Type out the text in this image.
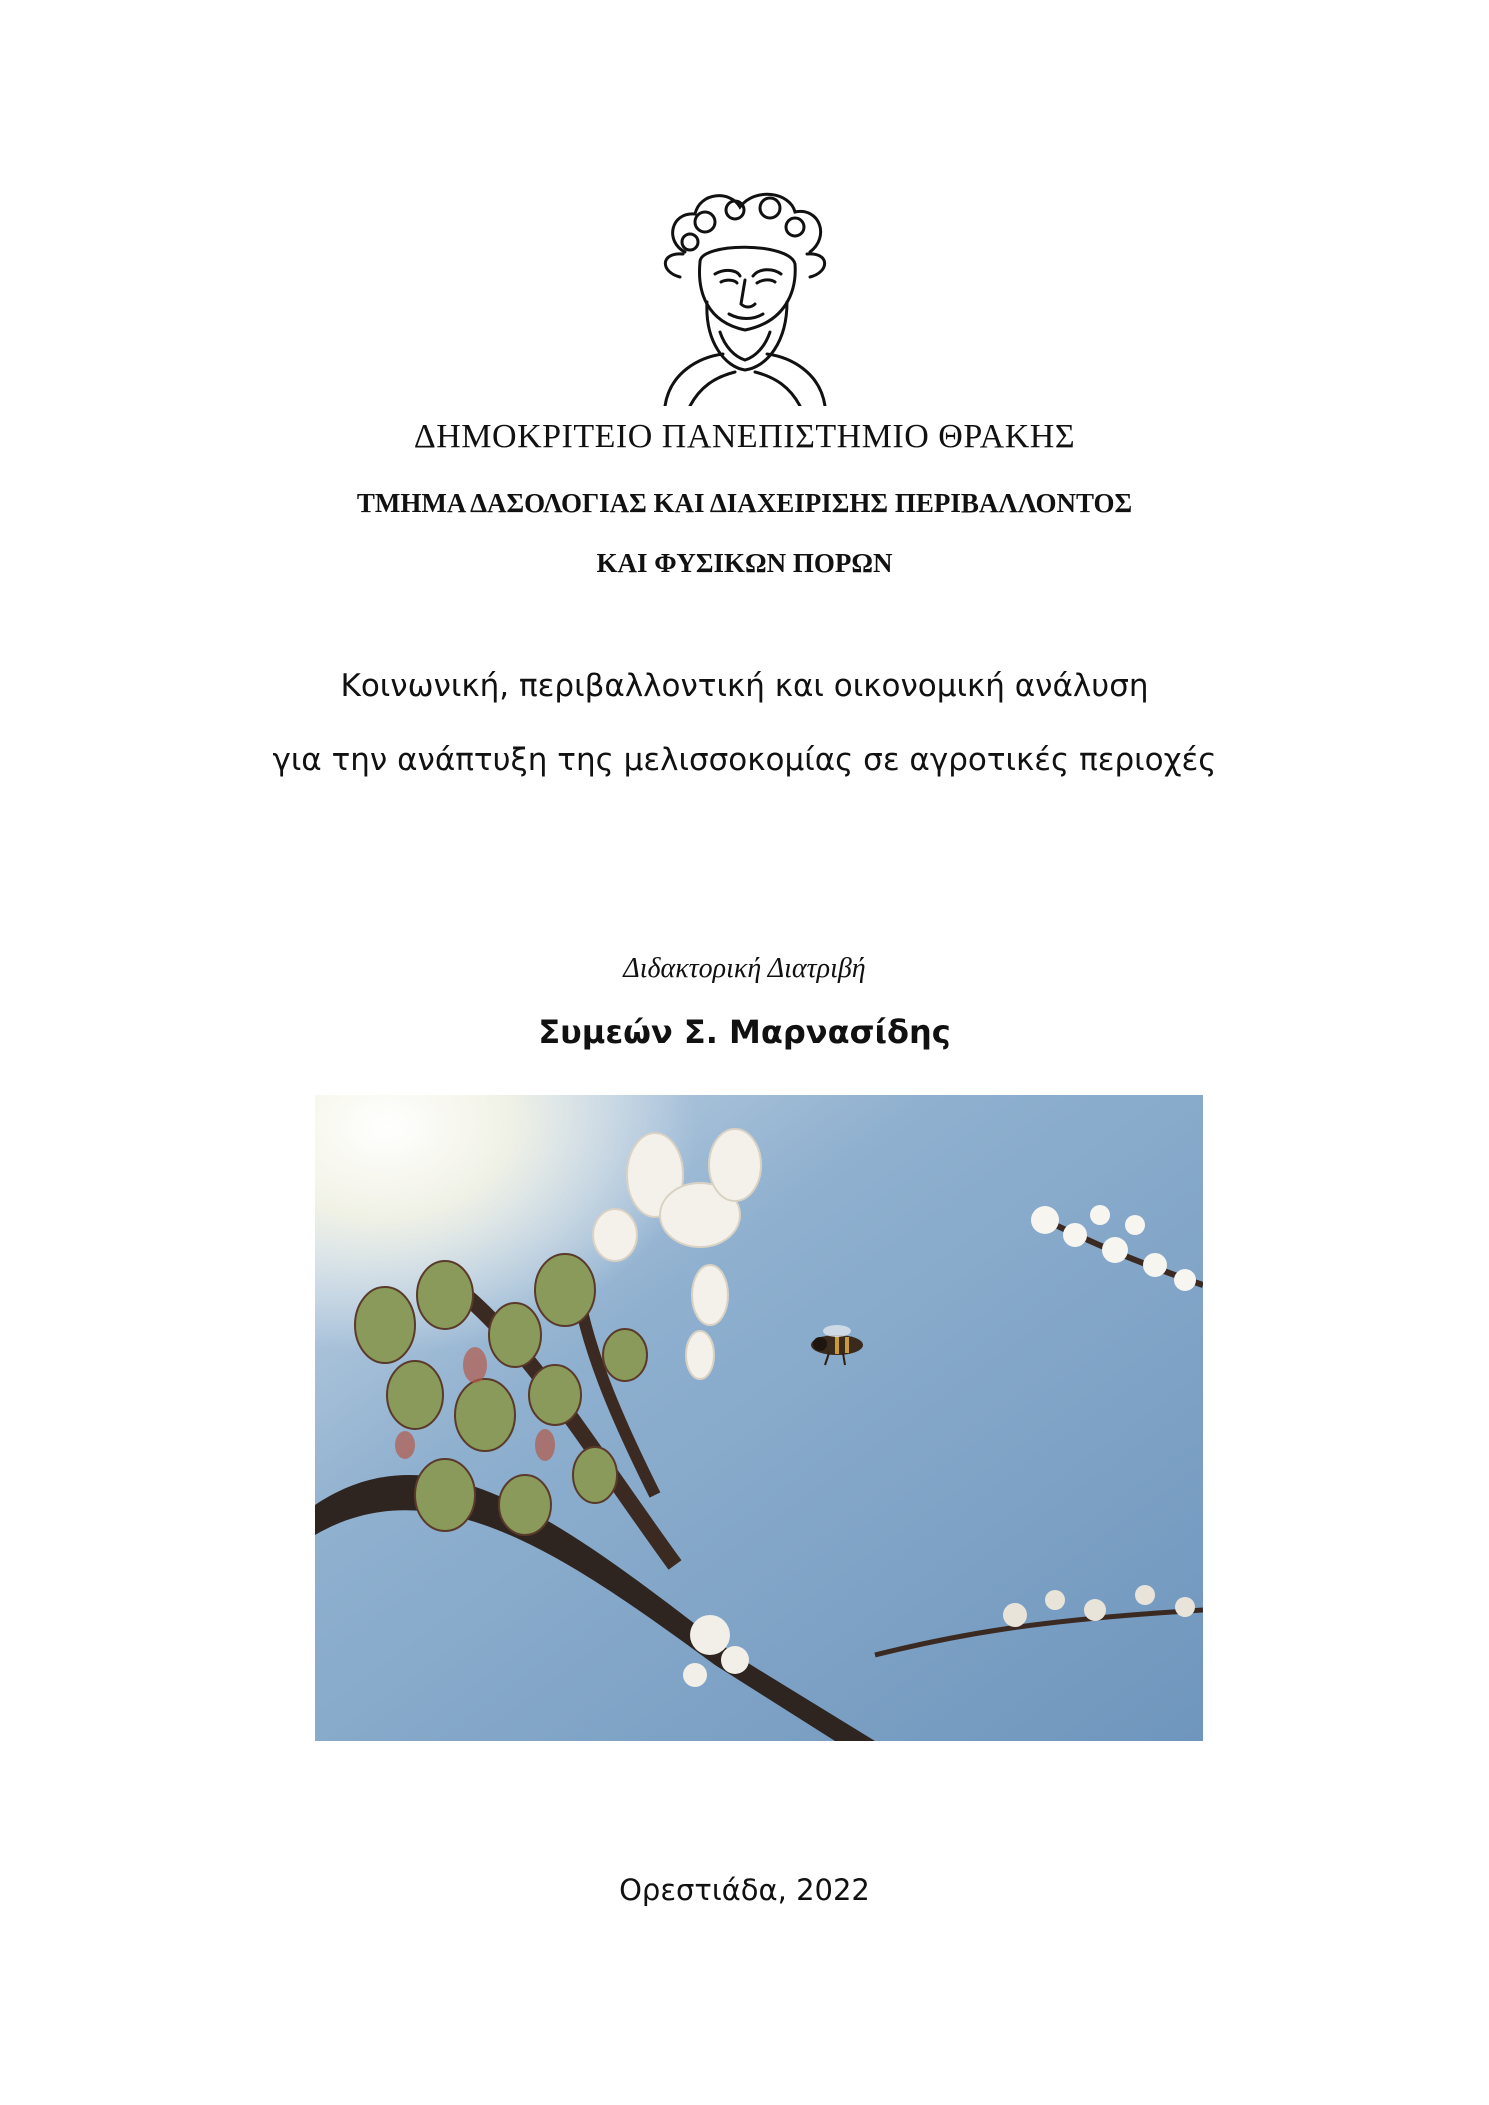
ΔΗΜΟΚΡΙΤΕΙΟ ΠΑΝΕΠΙΣΤΗΜΙΟ ΘΡΑΚΗΣ
ΤΜΗΜΑ ΔΑΣΟΛΟΓΙΑΣ ΚΑΙ ΔΙΑΧΕΙΡΙΣΗΣ ΠΕΡΙΒΑΛΛΟΝΤΟΣ
ΚΑΙ ΦΥΣΙΚΩΝ ΠΟΡΩΝ
Κοινωνική, περιβαλλοντική και οικονομική ανάλυση
για την ανάπτυξη της μελισσοκομίας σε αγροτικές περιοχές
Διδακτορική Διατριβή
Συμεών Σ. Μαρνασίδης
Ορεστιάδα, 2022
